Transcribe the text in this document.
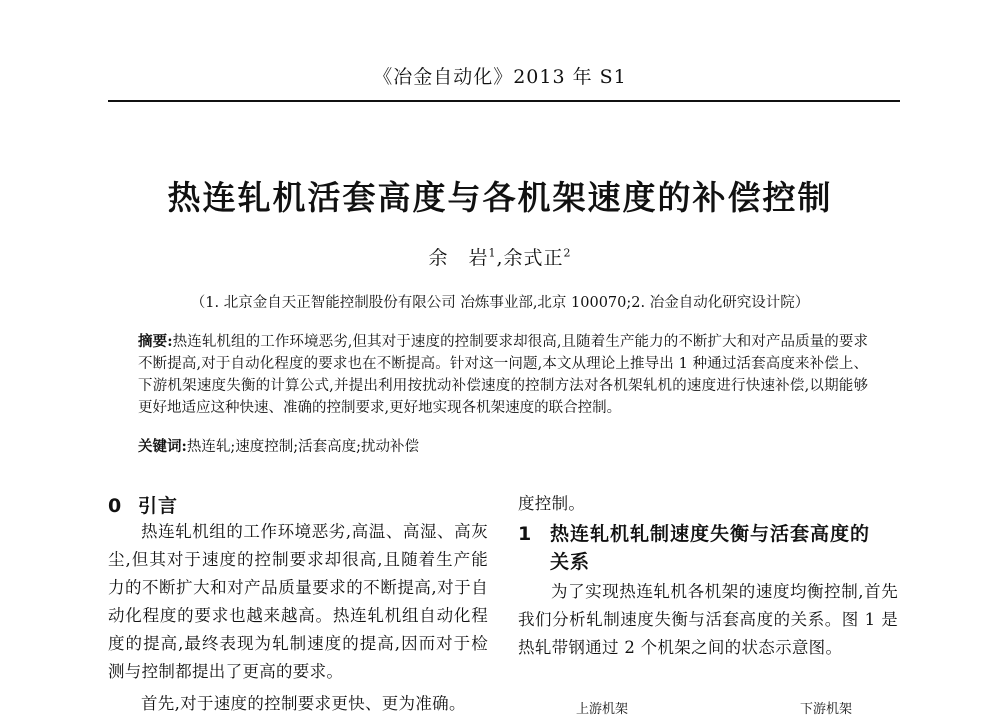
《冶金自动化》2013 年 S1
热连轧机活套高度与各机架速度的补偿控制
余　岩$^1$,余式正$^2$
（1. 北京金自天正智能控制股份有限公司 冶炼事业部,北京 100070;2. 冶金自动化研究设计院）
摘要:热连轧机组的工作环境恶劣,但其对于速度的控制要求却很高,且随着生产能力的不断扩大和对产品质量的要求不断提高,对于自动化程度的要求也在不断提高。针对这一问题,本文从理论上推导出 1 种通过活套高度来补偿上、下游机架速度失衡的计算公式,并提出利用按扰动补偿速度的控制方法对各机架轧机的速度进行快速补偿,以期能够更好地适应这种快速、准确的控制要求,更好地实现各机架速度的联合控制。
关键词:热连轧;速度控制;活套高度;扰动补偿
0 引言
热连轧机组的工作环境恶劣,高温、高湿、高灰尘,但其对于速度的控制要求却很高,且随着生产能力的不断扩大和对产品质量要求的不断提高,对于自动化程度的要求也越来越高。热连轧机组自动化程度的提高,最终表现为轧制速度的提高,因而对于检测与控制都提出了更高的要求。
首先,对于速度的控制要求更快、更为准确。
度控制。
1 热连轧机轧制速度失衡与活套高度的
关系
为了实现热连轧机各机架的速度均衡控制,首先我们分析轧制速度失衡与活套高度的关系。图 1 是热轧带钢通过 2 个机架之间的状态示意图。
上游机架	下游机架
